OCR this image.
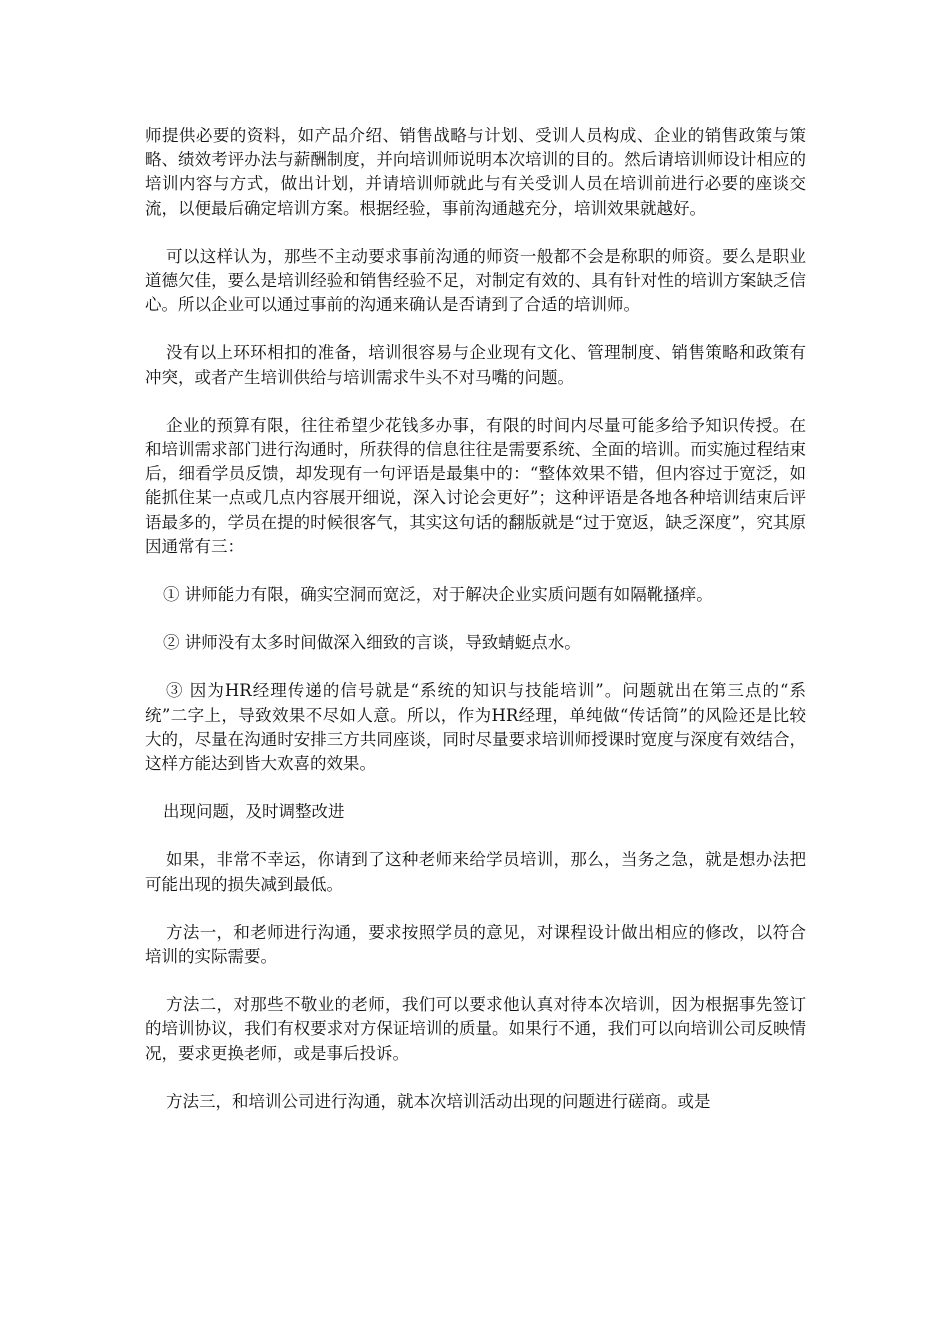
师提供必要的资料，如产品介绍、销售战略与计划、受训人员构成、企业的销售政策与策略、绩效考评办法与薪酬制度，并向培训师说明本次培训的目的。然后请培训师设计相应的培训内容与方式，做出计划，并请培训师就此与有关受训人员在培训前进行必要的座谈交流，以便最后确定培训方案。根据经验，事前沟通越充分，培训效果就越好。

可以这样认为，那些不主动要求事前沟通的师资一般都不会是称职的师资。要么是职业道德欠佳，要么是培训经验和销售经验不足，对制定有效的、具有针对性的培训方案缺乏信心。所以企业可以通过事前的沟通来确认是否请到了合适的培训师。

没有以上环环相扣的准备，培训很容易与企业现有文化、管理制度、销售策略和政策有冲突，或者产生培训供给与培训需求牛头不对马嘴的问题。

企业的预算有限，往往希望少花钱多办事，有限的时间内尽量可能多给予知识传授。在和培训需求部门进行沟通时，所获得的信息往往是需要系统、全面的培训。而实施过程结束后，细看学员反馈，却发现有一句评语是最集中的：“整体效果不错，但内容过于宽泛，如能抓住某一点或几点内容展开细说，深入讨论会更好”；这种评语是各地各种培训结束后评语最多的，学员在提的时候很客气，其实这句话的翻版就是“过于宽返，缺乏深度”，究其原因通常有三：

① 讲师能力有限，确实空洞而宽泛，对于解决企业实质问题有如隔靴搔痒。

② 讲师没有太多时间做深入细致的言谈，导致蜻蜓点水。

③ 因为HR经理传递的信号就是“系统的知识与技能培训”。问题就出在第三点的“系统”二字上，导致效果不尽如人意。所以，作为HR经理，单纯做“传话筒”的风险还是比较大的，尽量在沟通时安排三方共同座谈，同时尽量要求培训师授课时宽度与深度有效结合，这样方能达到皆大欢喜的效果。

出现问题，及时调整改进

如果，非常不幸运，你请到了这种老师来给学员培训，那么，当务之急，就是想办法把可能出现的损失减到最低。

方法一，和老师进行沟通，要求按照学员的意见，对课程设计做出相应的修改，以符合培训的实际需要。

方法二，对那些不敬业的老师，我们可以要求他认真对待本次培训，因为根据事先签订的培训协议，我们有权要求对方保证培训的质量。如果行不通，我们可以向培训公司反映情况，要求更换老师，或是事后投诉。

方法三，和培训公司进行沟通，就本次培训活动出现的问题进行磋商。或是
